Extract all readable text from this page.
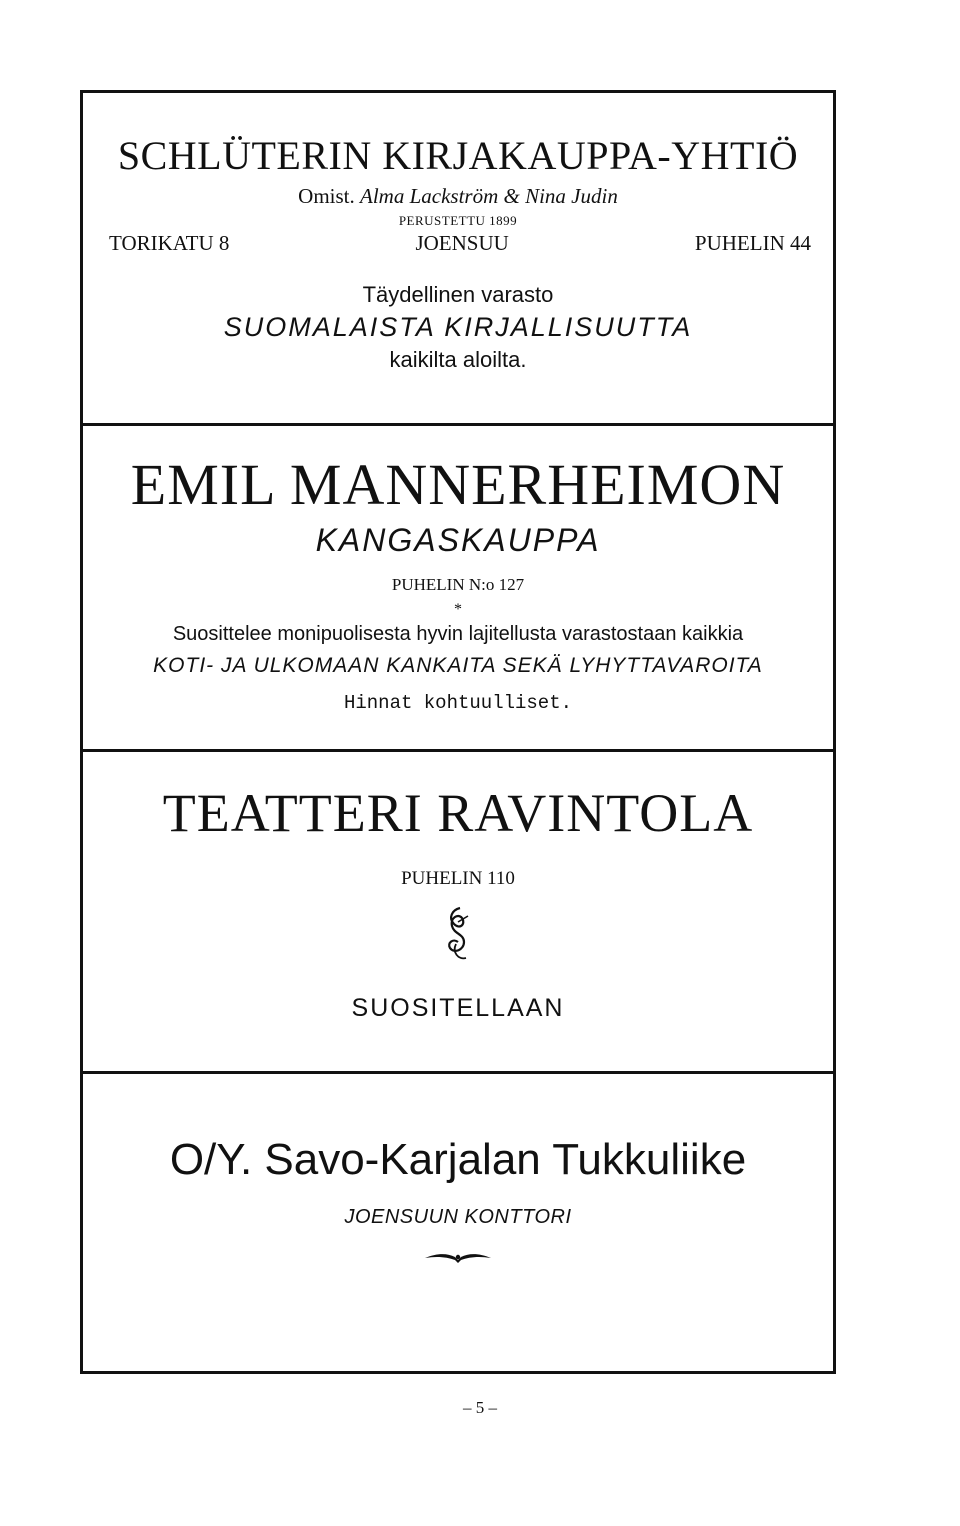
SCHLÜTERIN KIRJAKAUPPA-YHTIÖ
Omist. Alma Lackström & Nina Judin
PERUSTETTU 1899
TORIKATU 8	JOENSUU	PUHELIN 44
Täydellinen varasto
SUOMALAISTA KIRJALLISUUTTA
kaikilta aloilta.
EMIL MANNERHEIMON
KANGASKAUPPA
PUHELIN N:o 127
*
Suosittelee monipuolisesta hyvin lajitellusta varastostaan kaikkia
KOTI- JA ULKOMAAN KANKAITA SEKÄ LYHYTTAVAROITA
Hinnat kohtuulliset.
TEATTERI RAVINTOLA
PUHELIN 110
SUOSITELLAAN
O/Y. Savo-Karjalan Tukkuliike
JOENSUUN KONTTORI
– 5 –
